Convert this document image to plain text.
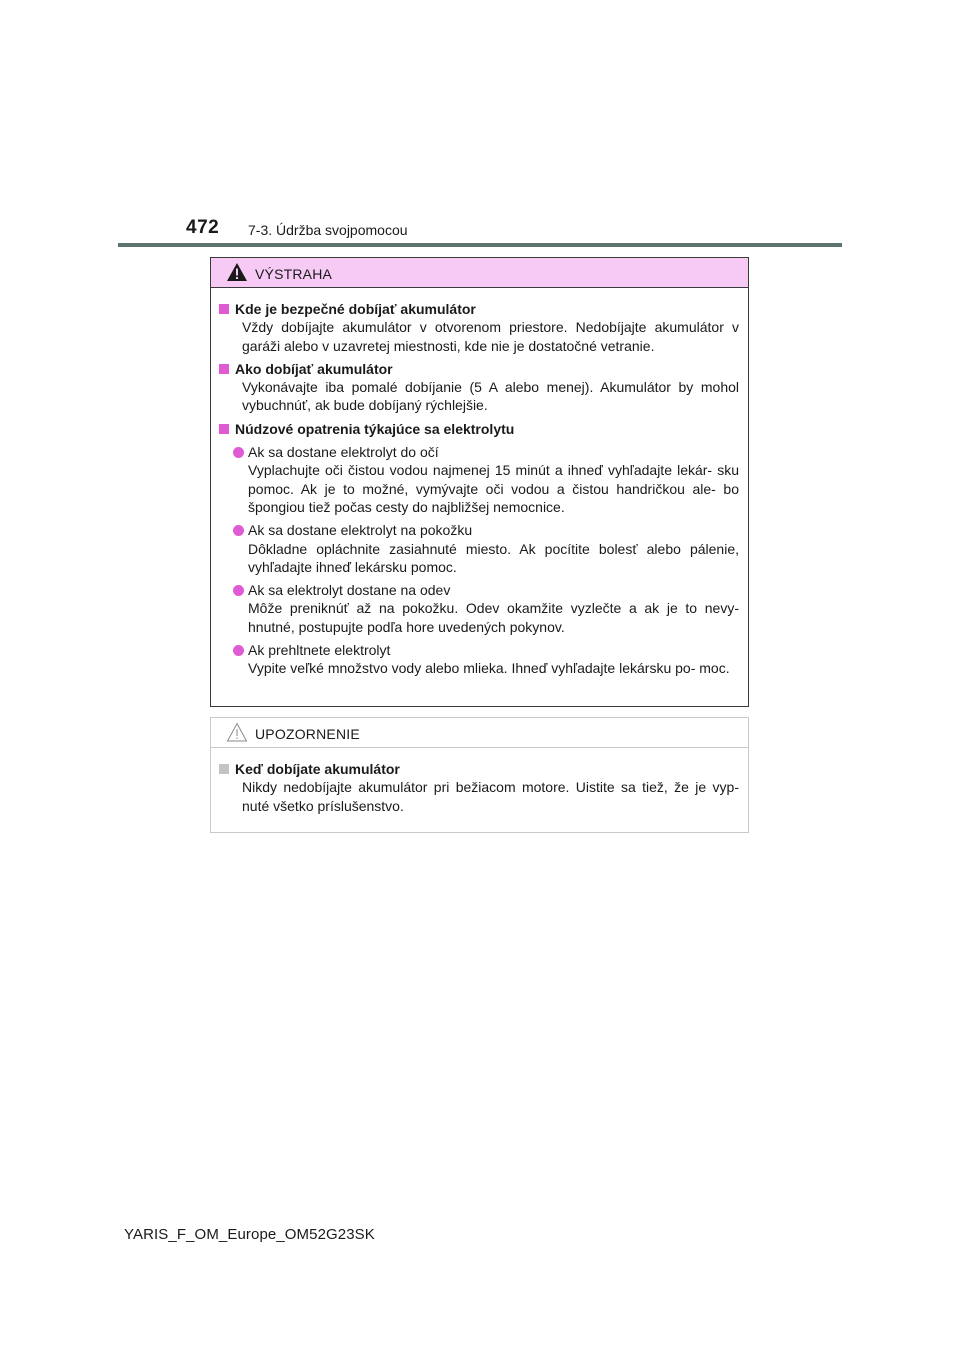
472 7-3. Údržba svojpomocou
VÝSTRAHA
Kde je bezpečné dobíjať akumulátor
Vždy dobíjajte akumulátor v otvorenom priestore. Nedobíjajte akumulátor v garáži alebo v uzavretej miestnosti, kde nie je dostatočné vetranie.
Ako dobíjať akumulátor
Vykonávajte iba pomalé dobíjanie (5 A alebo menej). Akumulátor by mohol vybuchnúť, ak bude dobíjaný rýchlejšie.
Núdzové opatrenia týkajúce sa elektrolytu
Ak sa dostane elektrolyt do očí
Vyplachujte oči čistou vodou najmenej 15 minút a ihneď vyhľadajte lekár- sku pomoc. Ak je to možné, vymývajte oči vodou a čistou handričkou ale- bo špongiou tiež počas cesty do najbližšej nemocnice.
Ak sa dostane elektrolyt na pokožku
Dôkladne opláchnite zasiahnuté miesto. Ak pocítite bolesť alebo pálenie, vyhľadajte ihneď lekársku pomoc.
Ak sa elektrolyt dostane na odev
Môže preniknúť až na pokožku. Odev okamžite vyzlečte a ak je to nevy- hnutné, postupujte podľa hore uvedených pokynov.
Ak prehltnete elektrolyt
Vypite veľké množstvo vody alebo mlieka. Ihneď vyhľadajte lekársku po- moc.
UPOZORNENIE
Keď dobíjate akumulátor
Nikdy nedobíjajte akumulátor pri bežiacom motore. Uistite sa tiež, že je vyp- nuté všetko príslušenstvo.
YARIS_F_OM_Europe_OM52G23SK
